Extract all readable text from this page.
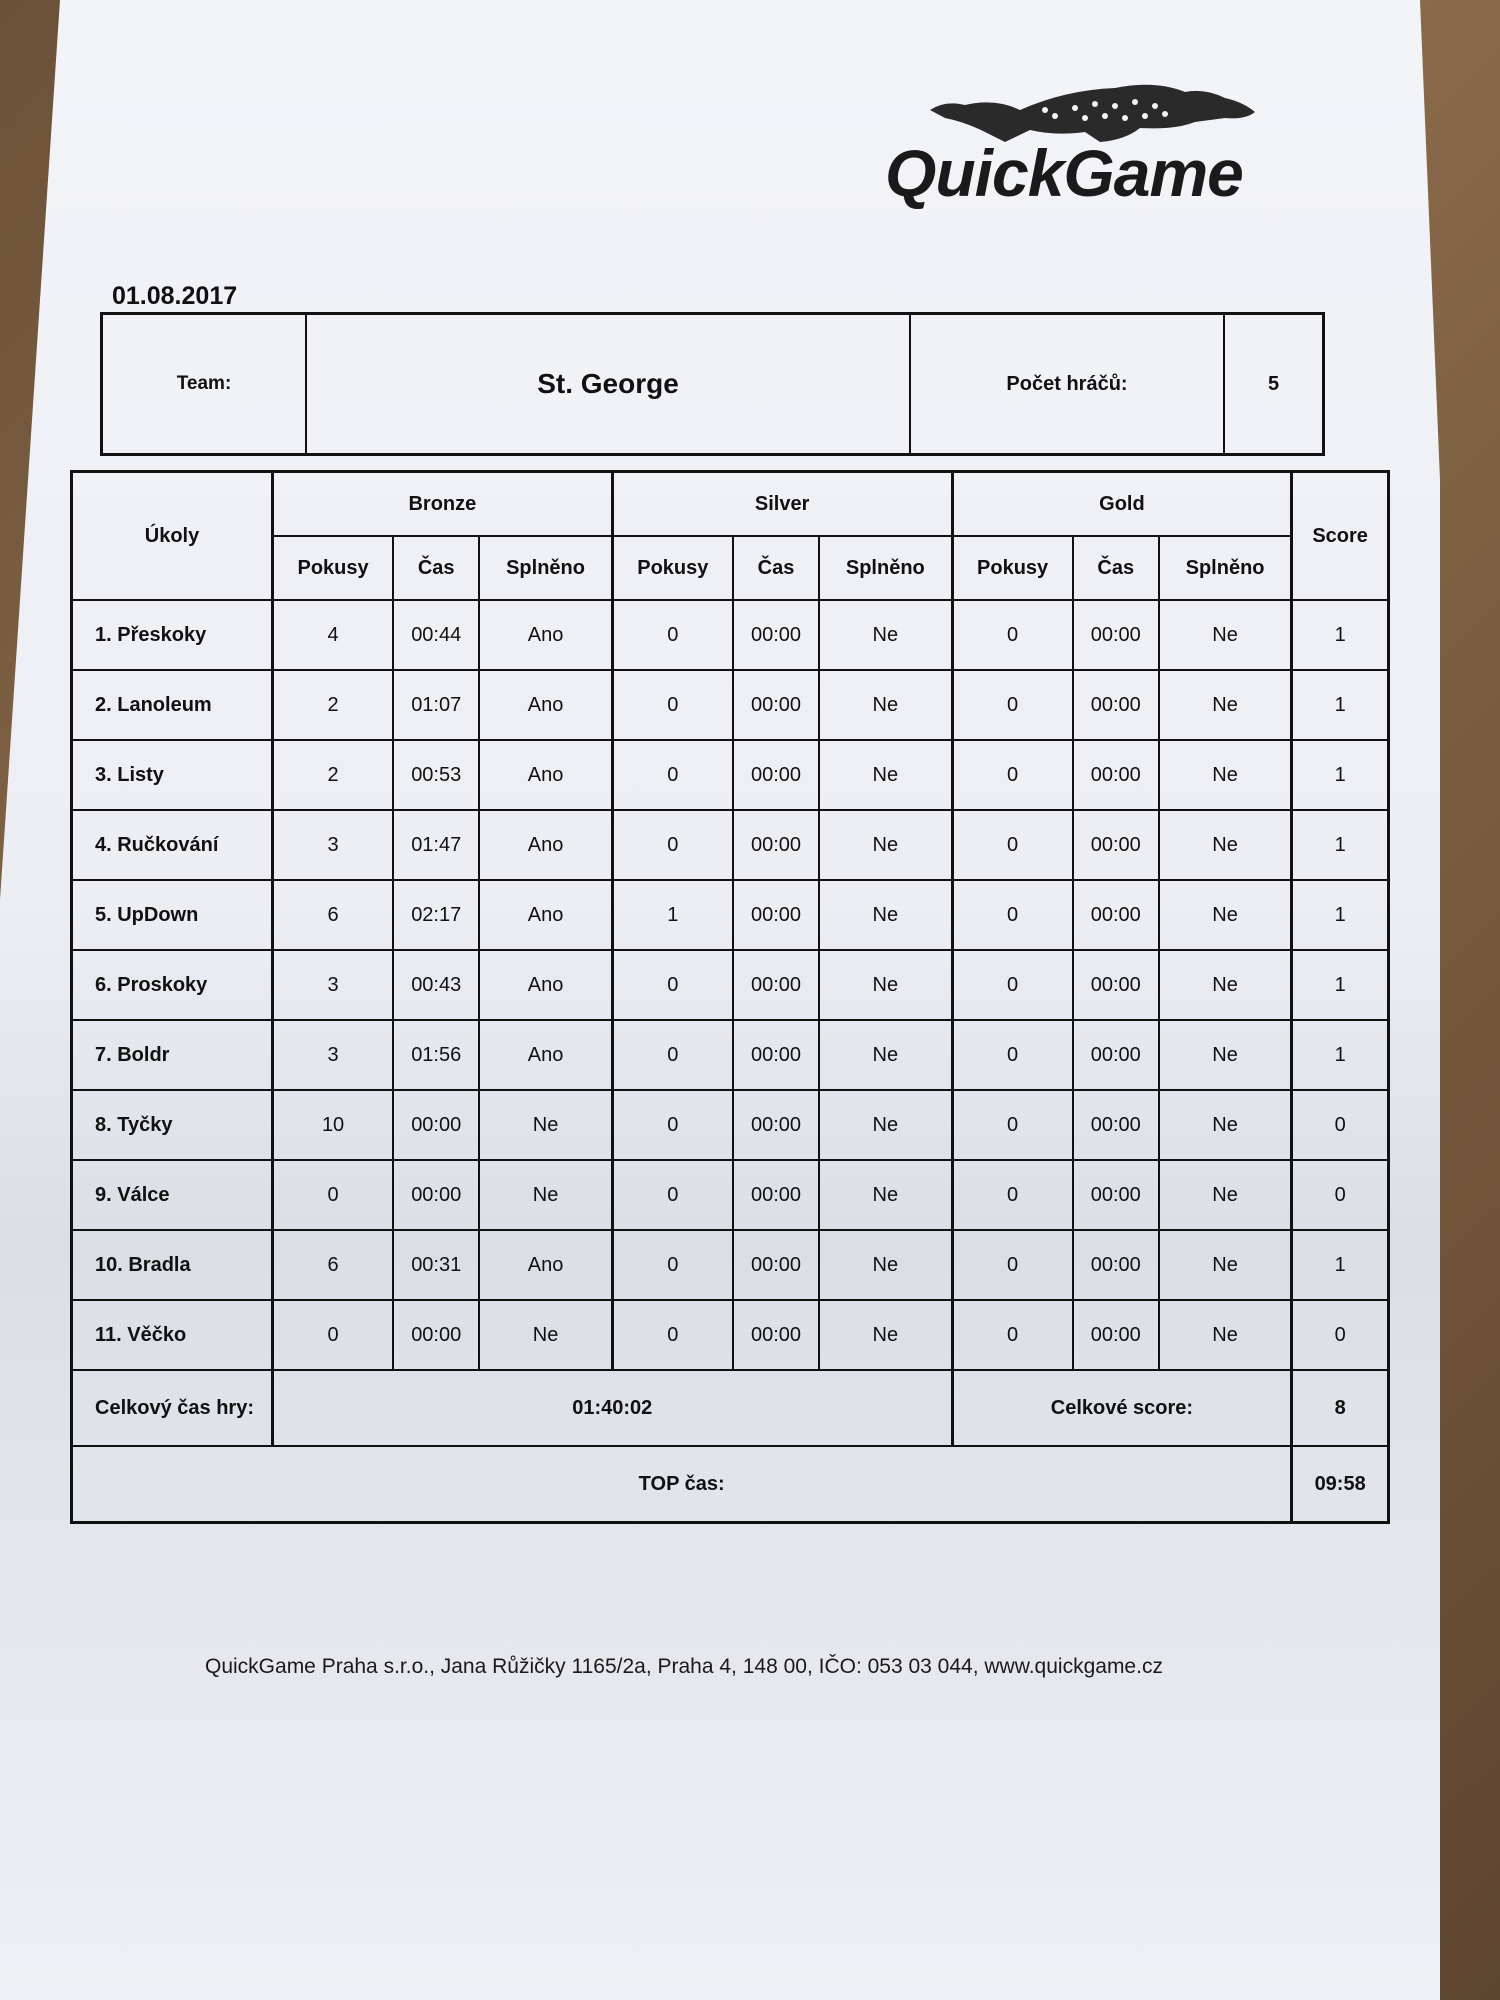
QuickGame
01.08.2017
Team:	St. George	Počet hráčů:	5
Úkoly	Bronze			Silver			Gold			Score
	Pokusy	Čas	Splněno	Pokusy	Čas	Splněno	Pokusy	Čas	Splněno	
1. Přeskoky	4	00:44	Ano	0	00:00	Ne	0	00:00	Ne	1
2. Lanoleum	2	01:07	Ano	0	00:00	Ne	0	00:00	Ne	1
3. Listy	2	00:53	Ano	0	00:00	Ne	0	00:00	Ne	1
4. Ručkování	3	01:47	Ano	0	00:00	Ne	0	00:00	Ne	1
5. UpDown	6	02:17	Ano	1	00:00	Ne	0	00:00	Ne	1
6. Proskoky	3	00:43	Ano	0	00:00	Ne	0	00:00	Ne	1
7. Boldr	3	01:56	Ano	0	00:00	Ne	0	00:00	Ne	1
8. Tyčky	10	00:00	Ne	0	00:00	Ne	0	00:00	Ne	0
9. Válce	0	00:00	Ne	0	00:00	Ne	0	00:00	Ne	0
10. Bradla	6	00:31	Ano	0	00:00	Ne	0	00:00	Ne	1
11. Věčko	0	00:00	Ne	0	00:00	Ne	0	00:00	Ne	0
Celkový čas hry:	01:40:02						Celkové score:			8
TOP čas:										09:58
QuickGame Praha s.r.o., Jana Růžičky 1165/2a, Praha 4, 148 00, IČO: 053 03 044, www.quickgame.cz
